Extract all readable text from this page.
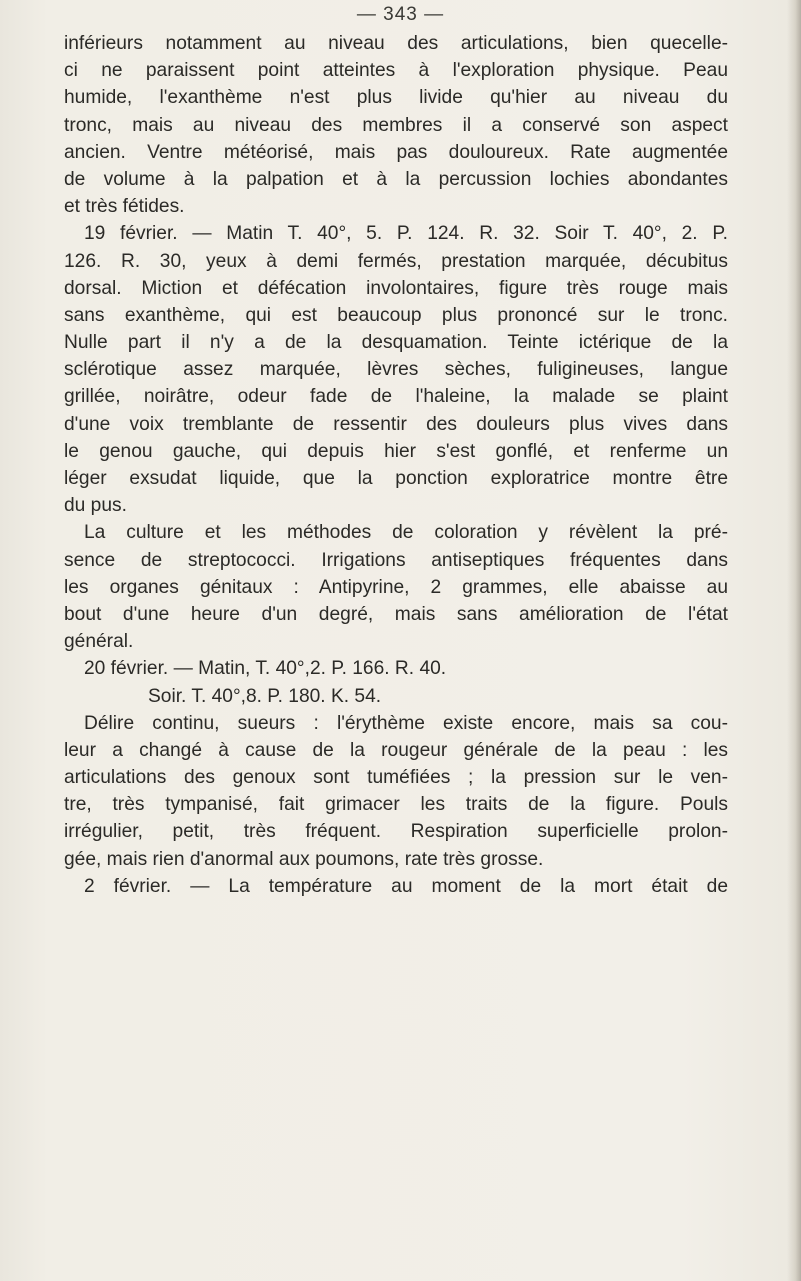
— 343 —
inférieurs notamment au niveau des articulations, bien quecelle-
ci ne paraissent point atteintes à l'exploration physique. Peau
humide, l'exanthème n'est plus livide qu'hier au niveau du
tronc, mais au niveau des membres il a conservé son aspect
ancien. Ventre météorisé, mais pas douloureux. Rate augmentée
de volume à la palpation et à la percussion lochies abondantes
et très fétides.
19 février. — Matin T. 40°, 5. P. 124. R. 32. Soir T. 40°, 2. P.
126. R. 30, yeux à demi fermés, prestation marquée, décubitus
dorsal. Miction et défécation involontaires, figure très rouge mais
sans exanthème, qui est beaucoup plus prononcé sur le tronc.
Nulle part il n'y a de la desquamation. Teinte ictérique de la
sclérotique assez marquée, lèvres sèches, fuligineuses, langue
grillée, noirâtre, odeur fade de l'haleine, la malade se plaint
d'une voix tremblante de ressentir des douleurs plus vives dans
le genou gauche, qui depuis hier s'est gonflé, et renferme un
léger exsudat liquide, que la ponction exploratrice montre être
du pus.
La culture et les méthodes de coloration y révèlent la pré-
sence de streptococci. Irrigations antiseptiques fréquentes dans
les organes génitaux : Antipyrine, 2 grammes, elle abaisse au
bout d'une heure d'un degré, mais sans amélioration de l'état
général.
20 février. — Matin, T. 40°,2. P. 166. R. 40.
Soir. T. 40°,8. P. 180. K. 54.
Délire continu, sueurs : l'érythème existe encore, mais sa cou-
leur a changé à cause de la rougeur générale de la peau : les
articulations des genoux sont tuméfiées ; la pression sur le ven-
tre, très tympanisé, fait grimacer les traits de la figure. Pouls
irrégulier, petit, très fréquent. Respiration superficielle prolon-
gée, mais rien d'anormal aux poumons, rate très grosse.
2 février. — La température au moment de la mort était de
